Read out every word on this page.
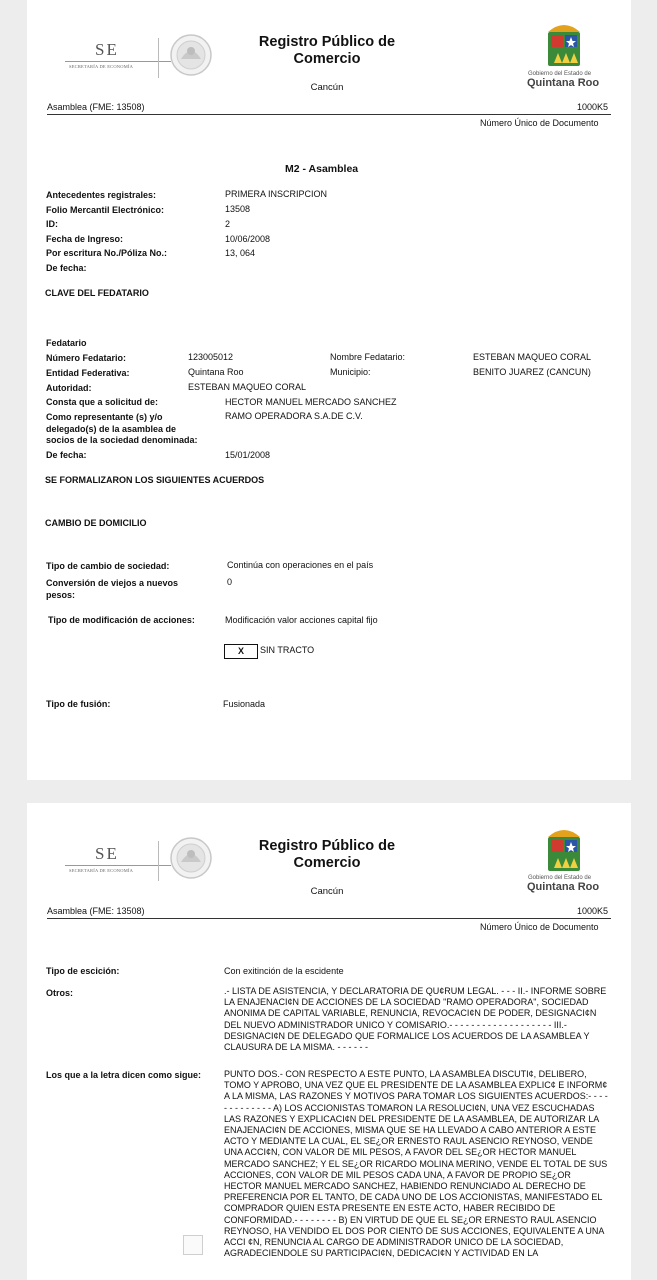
SE
SECRETARÍA DE ECONOMÍA
Registro Público de
Comercio
Cancún
Gobierno del Estado de
Quintana Roo
Asamblea (FME: 13508)	1000K5
Número Único de Documento
M2 - Asamblea
Antecedentes registrales:	PRIMERA INSCRIPCION
Folio Mercantil Electrónico:	13508
ID:	2
Fecha de Ingreso:	10/06/2008
Por escritura No./Póliza No.:	13, 064
De fecha:
CLAVE DEL FEDATARIO
Fedatario
Número Fedatario:	123005012	Nombre Fedatario:	ESTEBAN MAQUEO CORAL
Entidad Federativa:	Quintana Roo	Municipio:	BENITO JUAREZ (CANCUN)
Autoridad:	ESTEBAN MAQUEO CORAL
Consta que a solicitud de:	HECTOR MANUEL MERCADO SANCHEZ
Como representante (s) y/o
delegado(s) de la asamblea de
socios de la sociedad denominada:
RAMO OPERADORA S.A.DE C.V.
De fecha:	15/01/2008
SE FORMALIZARON LOS SIGUIENTES ACUERDOS
CAMBIO DE DOMICILIO
Tipo de cambio de sociedad:	Continúa con operaciones en el país
Conversión de viejos a nuevos
pesos:
0
Tipo de modificación de acciones:	Modificación valor acciones capital fijo
X	SIN TRACTO
Tipo de fusión:	Fusionada
SE
SECRETARÍA DE ECONOMÍA
Registro Público de
Comercio
Cancún
Gobierno del Estado de
Quintana Roo
Asamblea (FME: 13508)	1000K5
Número Único de Documento
Tipo de escición:	Con exitinción de la escidente
Otros:	.- LISTA DE ASISTENCIA, Y DECLARATORIA DE QU¢RUM LEGAL. - - - II.- INFORME SOBRE LA ENAJENACI¢N DE ACCIONES DE LA SOCIEDAD "RAMO OPERADORA", SOCIEDAD ANONIMA DE CAPITAL VARIABLE, RENUNCIA, REVOCACI¢N DE PODER, DESIGNACI¢N DEL NUEVO ADMINISTRADOR UNICO Y COMISARIO.- - - - - - - - - - - - - - - - - - - III.- DESIGNACI¢N DE DELEGADO QUE FORMALICE LOS ACUERDOS DE LA ASAMBLEA Y CLAUSURA DE LA MISMA. - - - - - -
Los que a la letra dicen como sigue:	PUNTO DOS.- CON RESPECTO A ESTE PUNTO, LA ASAMBLEA DISCUTI¢, DELIBERO, TOMO Y APROBO, UNA VEZ QUE EL PRESIDENTE DE LA ASAMBLEA EXPLIC¢ E INFORM¢ A LA MISMA, LAS RAZONES Y MOTIVOS PARA TOMAR LOS SIGUIENTES ACUERDOS:- - - - - - - - - - - - - A) LOS ACCIONISTAS TOMARON LA RESOLUCI¢N, UNA VEZ ESCUCHADAS LAS RAZONES Y EXPLICACI¢N DEL PRESIDENTE DE LA ASAMBLEA, DE AUTORIZAR LA ENAJENACI¢N DE ACCIONES, MISMA QUE SE HA LLEVADO A CABO ANTERIOR A ESTE ACTO Y MEDIANTE LA CUAL, EL SE¿OR ERNESTO RAUL ASENCIO REYNOSO, VENDE UNA ACCI¢N, CON VALOR DE MIL PESOS, A FAVOR DEL SE¿OR HECTOR MANUEL MERCADO SANCHEZ; Y EL SE¿OR RICARDO MOLINA MERINO, VENDE EL TOTAL DE SUS ACCIONES, CON VALOR DE MIL PESOS CADA UNA, A FAVOR DE PROPIO SE¿OR HECTOR MANUEL MERCADO SANCHEZ, HABIENDO RENUNCIADO AL DERECHO DE PREFERENCIA POR EL TANTO, DE CADA UNO DE LOS ACCIONISTAS, MANIFESTADO EL COMPRADOR QUIEN ESTA PRESENTE EN ESTE ACTO, HABER RECIBIDO DE CONFORMIDAD.- - - - - - - - B) EN VIRTUD DE QUE EL SE¿OR ERNESTO RAUL ASENCIO REYNOSO, HA VENDIDO EL DOS POR CIENTO DE SUS ACCIONES, EQUIVALENTE A UNA ACCI ¢N, RENUNCIA AL CARGO DE ADMINISTRADOR UNICO DE LA SOCIEDAD, AGRADECIENDOLE SU PARTICIPACI¢N, DEDICACI¢N Y ACTIVIDAD EN LA
